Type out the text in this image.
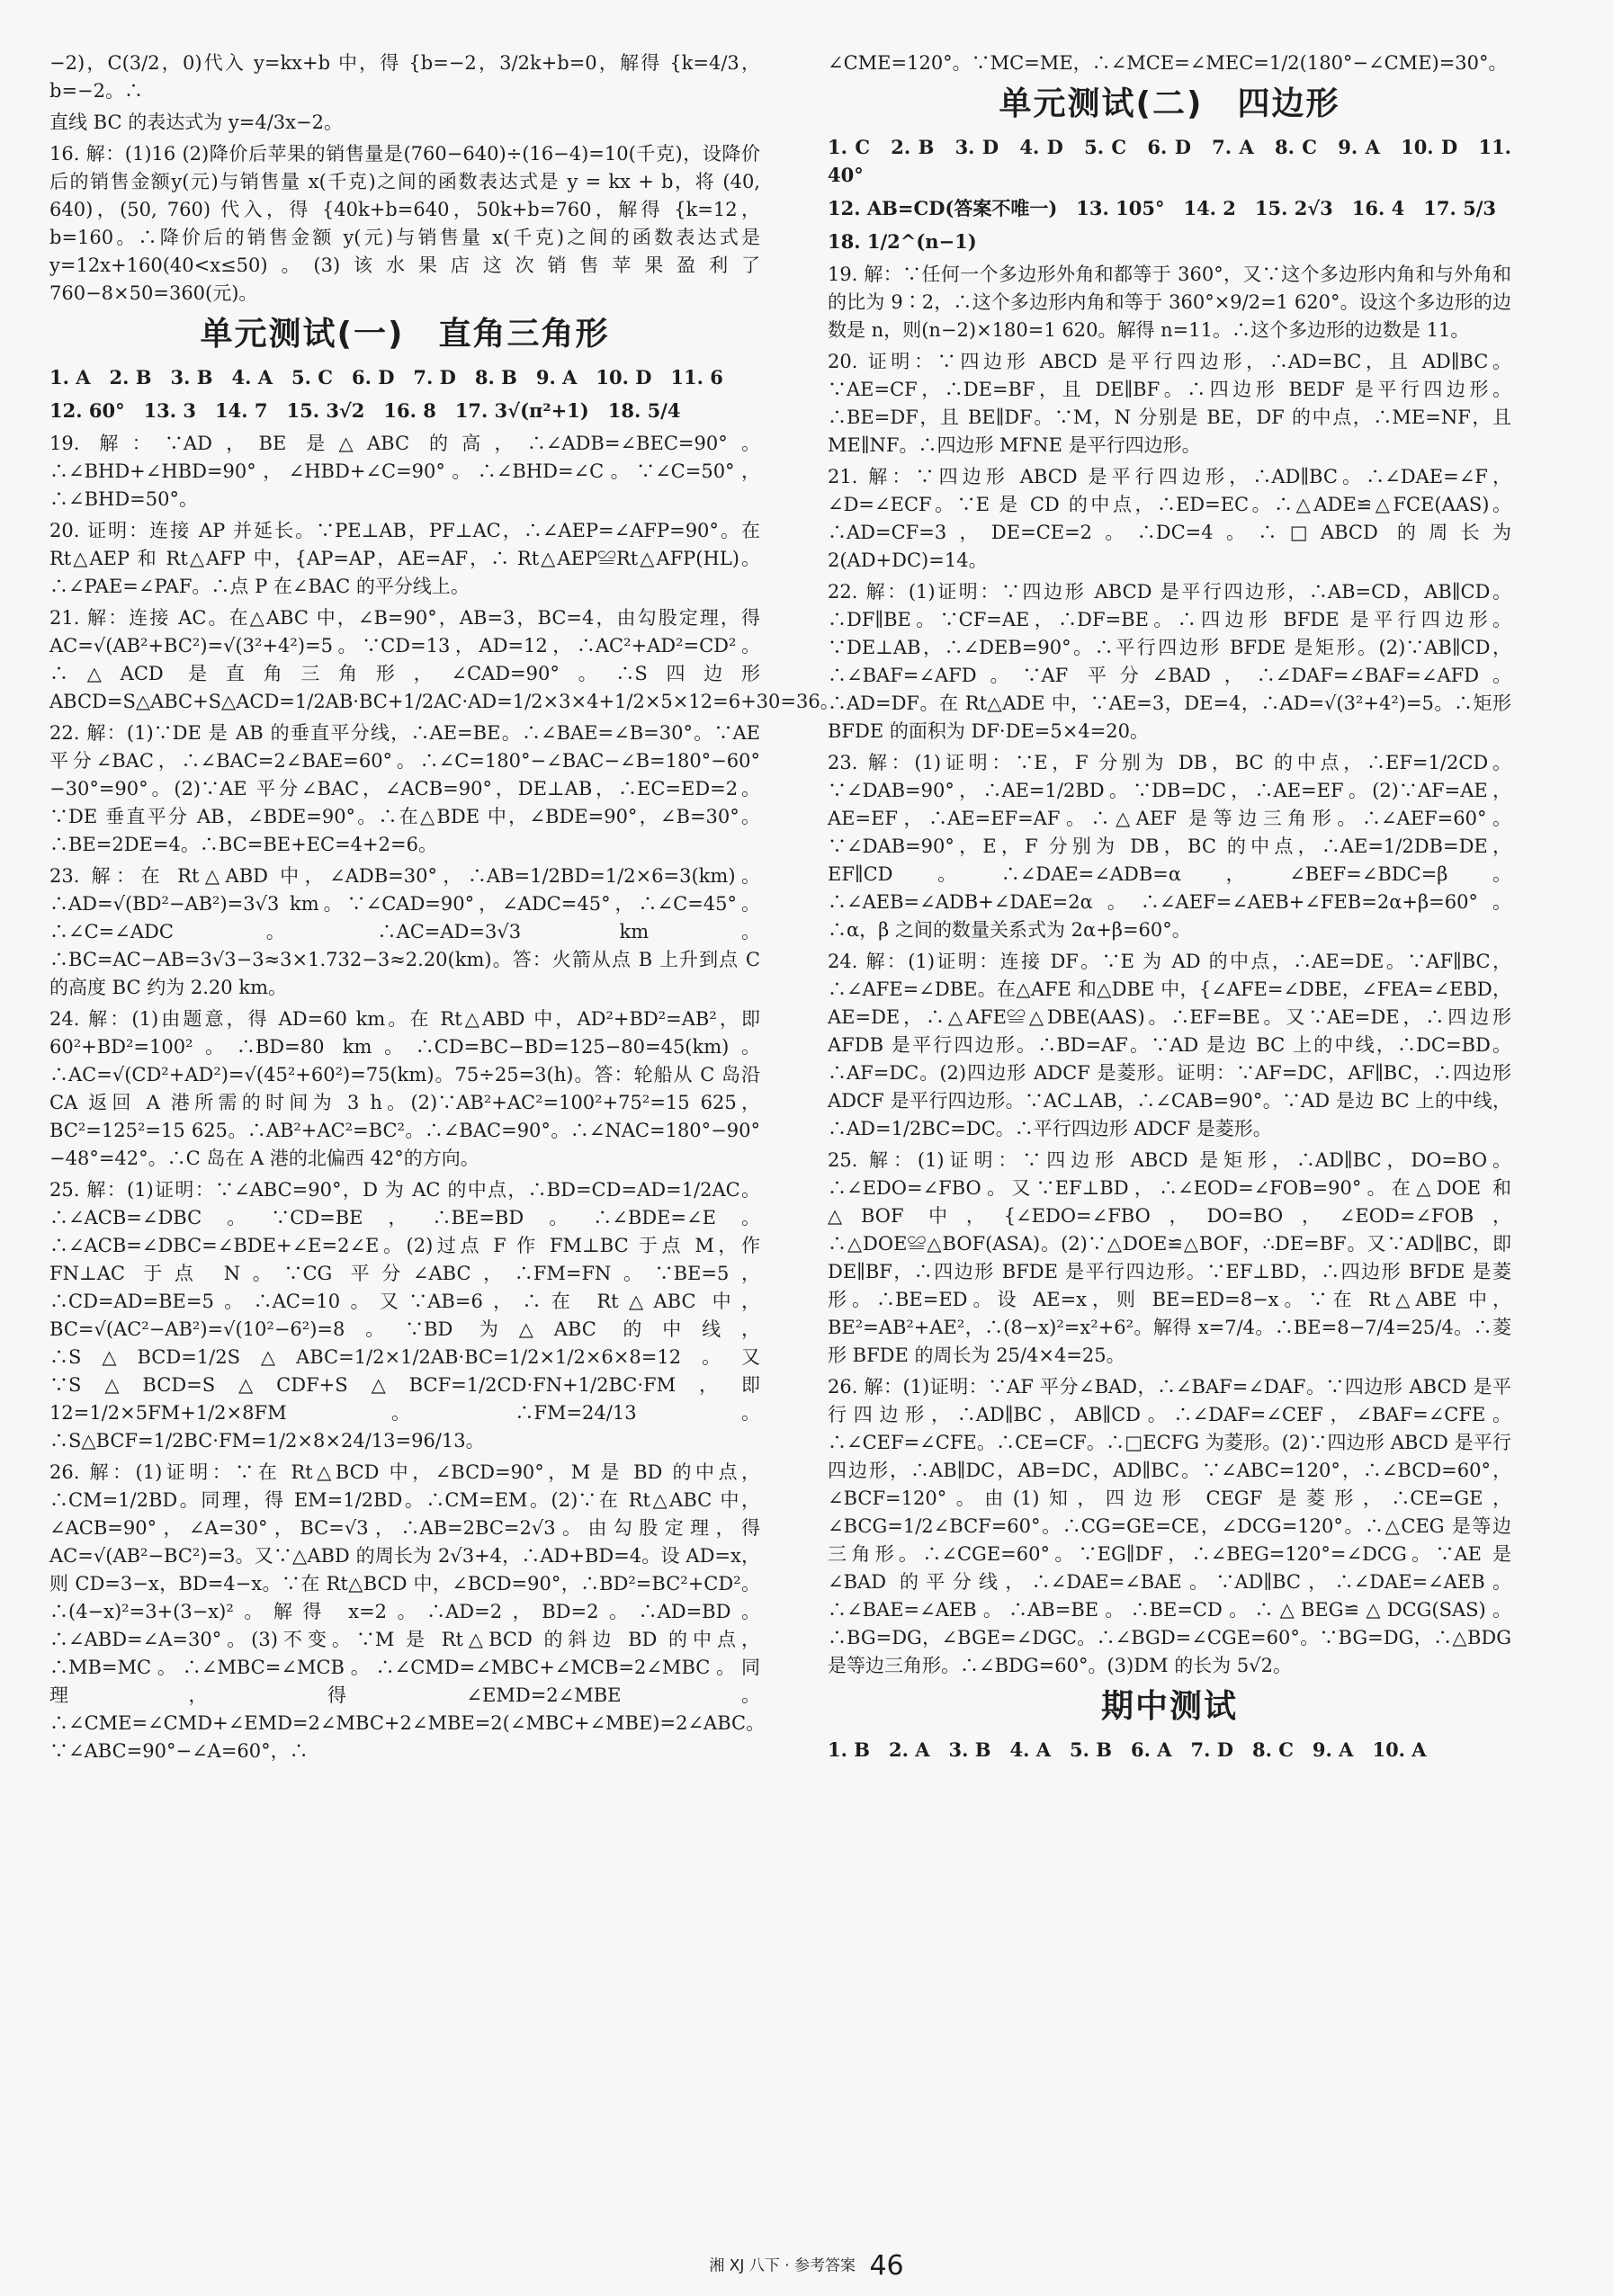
−2)，C(3/2，0)代入 y=kx+b 中，得 {b=−2，3/2k+b=0，解得 {k=4/3，b=−2。∴
直线 BC 的表达式为 y=4/3x−2。
16. 解：(1)16 (2)降价后苹果的销售量是(760−640)÷(16−4)=10(千克)，设降价后的销售金额y(元)与销售量 x(千克)之间的函数表达式是 y = kx + b，将 (40, 640)，(50, 760) 代入，得 {40k+b=640，50k+b=760，解得 {k=12，b=160。∴降价后的销售金额 y(元)与销售量 x(千克)之间的函数表达式是 y=12x+160(40<x≤50)。(3)该水果店这次销售苹果盈利了 760−8×50=360(元)。
单元测试(一)　直角三角形
1. A　2. B　3. B　4. A　5. C　6. D　7. D　8. B　9. A　10. D　11. 6
12. 60°　13. 3　14. 7　15. 3√2　16. 8　17. 3√(π²+1)　18. 5/4
19. 解：∵AD，BE 是△ABC 的高，∴∠ADB=∠BEC=90°。∴∠BHD+∠HBD=90°，∠HBD+∠C=90°。∴∠BHD=∠C。∵∠C=50°，∴∠BHD=50°。
20. 证明：连接 AP 并延长。∵PE⊥AB，PF⊥AC，∴∠AEP=∠AFP=90°。在 Rt△AEP 和 Rt△AFP 中，{AP=AP，AE=AF，∴ Rt△AEP≌Rt△AFP(HL)。∴∠PAE=∠PAF。∴点 P 在∠BAC 的平分线上。
21. 解：连接 AC。在△ABC 中，∠B=90°，AB=3，BC=4，由勾股定理，得 AC=√(AB²+BC²)=√(3²+4²)=5。∵CD=13，AD=12，∴AC²+AD²=CD²。∴△ACD 是直角三角形，∠CAD=90°。∴S四边形ABCD=S△ABC+S△ACD=1/2AB·BC+1/2AC·AD=1/2×3×4+1/2×5×12=6+30=36。
22. 解：(1)∵DE 是 AB 的垂直平分线，∴AE=BE。∴∠BAE=∠B=30°。∵AE 平分∠BAC，∴∠BAC=2∠BAE=60°。∴∠C=180°−∠BAC−∠B=180°−60°−30°=90°。(2)∵AE 平分∠BAC，∠ACB=90°，DE⊥AB，∴EC=ED=2。∵DE 垂直平分 AB，∠BDE=90°。∴在△BDE 中，∠BDE=90°，∠B=30°。∴BE=2DE=4。∴BC=BE+EC=4+2=6。
23. 解：在 Rt△ABD 中，∠ADB=30°，∴AB=1/2BD=1/2×6=3(km)。∴AD=√(BD²−AB²)=3√3 km。∵∠CAD=90°，∠ADC=45°，∴∠C=45°。∴∠C=∠ADC。∴AC=AD=3√3 km。∴BC=AC−AB=3√3−3≈3×1.732−3≈2.20(km)。答：火箭从点 B 上升到点 C 的高度 BC 约为 2.20 km。
24. 解：(1)由题意，得 AD=60 km。在 Rt△ABD 中，AD²+BD²=AB²，即 60²+BD²=100²。∴BD=80 km。∴CD=BC−BD=125−80=45(km)。∴AC=√(CD²+AD²)=√(45²+60²)=75(km)。75÷25=3(h)。答：轮船从 C 岛沿 CA 返回 A 港所需的时间为 3 h。(2)∵AB²+AC²=100²+75²=15 625，BC²=125²=15 625。∴AB²+AC²=BC²。∴∠BAC=90°。∴∠NAC=180°−90°−48°=42°。∴C 岛在 A 港的北偏西 42°的方向。
25. 解：(1)证明：∵∠ABC=90°，D 为 AC 的中点，∴BD=CD=AD=1/2AC。∴∠ACB=∠DBC。∵CD=BE，∴BE=BD。∴∠BDE=∠E。∴∠ACB=∠DBC=∠BDE+∠E=2∠E。(2)过点 F 作 FM⊥BC 于点 M，作 FN⊥AC 于点 N。∵CG 平分∠ABC，∴FM=FN。∵BE=5，∴CD=AD=BE=5。∴AC=10。又∵AB=6，∴在 Rt△ABC 中，BC=√(AC²−AB²)=√(10²−6²)=8。∵BD 为△ABC 的中线，∴S△BCD=1/2S△ABC=1/2×1/2AB·BC=1/2×1/2×6×8=12。又∵S△BCD=S△CDF+S△BCF=1/2CD·FN+1/2BC·FM，即 12=1/2×5FM+1/2×8FM。∴FM=24/13。∴S△BCF=1/2BC·FM=1/2×8×24/13=96/13。
26. 解：(1)证明：∵在 Rt△BCD 中，∠BCD=90°，M 是 BD 的中点，∴CM=1/2BD。同理，得 EM=1/2BD。∴CM=EM。(2)∵在 Rt△ABC 中，∠ACB=90°，∠A=30°，BC=√3，∴AB=2BC=2√3。由勾股定理，得 AC=√(AB²−BC²)=3。又∵△ABD 的周长为 2√3+4，∴AD+BD=4。设 AD=x，则 CD=3−x，BD=4−x。∵在 Rt△BCD 中，∠BCD=90°，∴BD²=BC²+CD²。∴(4−x)²=3+(3−x)²。解得 x=2。∴AD=2，BD=2。∴AD=BD。∴∠ABD=∠A=30°。(3)不变。∵M 是 Rt△BCD 的斜边 BD 的中点，∴MB=MC。∴∠MBC=∠MCB。∴∠CMD=∠MBC+∠MCB=2∠MBC。同理，得∠EMD=2∠MBE。∴∠CME=∠CMD+∠EMD=2∠MBC+2∠MBE=2(∠MBC+∠MBE)=2∠ABC。∵∠ABC=90°−∠A=60°，∴
∠CME=120°。∵MC=ME，∴∠MCE=∠MEC=1/2(180°−∠CME)=30°。
单元测试(二)　四边形
1. C　2. B　3. D　4. D　5. C　6. D　7. A　8. C　9. A　10. D　11. 40°
12. AB=CD(答案不唯一)　13. 105°　14. 2　15. 2√3　16. 4　17. 5/3
18. 1/2^(n−1)
19. 解：∵任何一个多边形外角和都等于 360°，又∵这个多边形内角和与外角和的比为 9∶2，∴这个多边形内角和等于 360°×9/2=1 620°。设这个多边形的边数是 n，则(n−2)×180=1 620。解得 n=11。∴这个多边形的边数是 11。
20. 证明：∵四边形 ABCD 是平行四边形，∴AD=BC，且 AD∥BC。∵AE=CF，∴DE=BF，且 DE∥BF。∴四边形 BEDF 是平行四边形。∴BE=DF，且 BE∥DF。∵M，N 分别是 BE，DF 的中点，∴ME=NF，且 ME∥NF。∴四边形 MFNE 是平行四边形。
21. 解：∵四边形 ABCD 是平行四边形，∴AD∥BC。∴∠DAE=∠F，∠D=∠ECF。∵E 是 CD 的中点，∴ED=EC。∴△ADE≌△FCE(AAS)。∴AD=CF=3，DE=CE=2。∴DC=4。∴□ABCD 的周长为 2(AD+DC)=14。
22. 解：(1)证明：∵四边形 ABCD 是平行四边形，∴AB=CD，AB∥CD。∴DF∥BE。∵CF=AE，∴DF=BE。∴四边形 BFDE 是平行四边形。∵DE⊥AB，∴∠DEB=90°。∴平行四边形 BFDE 是矩形。(2)∵AB∥CD，∴∠BAF=∠AFD。∵AF 平分∠BAD，∴∠DAF=∠BAF=∠AFD。∴AD=DF。在 Rt△ADE 中，∵AE=3，DE=4，∴AD=√(3²+4²)=5。∴矩形 BFDE 的面积为 DF·DE=5×4=20。
23. 解：(1)证明：∵E，F 分别为 DB，BC 的中点，∴EF=1/2CD。∵∠DAB=90°，∴AE=1/2BD。∵DB=DC，∴AE=EF。(2)∵AF=AE，AE=EF，∴AE=EF=AF。∴△AEF 是等边三角形。∴∠AEF=60°。∵∠DAB=90°，E，F 分别为 DB，BC 的中点，∴AE=1/2DB=DE，EF∥CD。∴∠DAE=∠ADB=α，∠BEF=∠BDC=β。∴∠AEB=∠ADB+∠DAE=2α。∴∠AEF=∠AEB+∠FEB=2α+β=60°。∴α，β 之间的数量关系式为 2α+β=60°。
24. 解：(1)证明：连接 DF。∵E 为 AD 的中点，∴AE=DE。∵AF∥BC，∴∠AFE=∠DBE。在△AFE 和△DBE 中，{∠AFE=∠DBE，∠FEA=∠EBD，AE=DE，∴△AFE≌△DBE(AAS)。∴EF=BE。又∵AE=DE，∴四边形 AFDB 是平行四边形。∴BD=AF。∵AD 是边 BC 上的中线，∴DC=BD。∴AF=DC。(2)四边形 ADCF 是菱形。证明：∵AF=DC，AF∥BC，∴四边形 ADCF 是平行四边形。∵AC⊥AB，∴∠CAB=90°。∵AD 是边 BC 上的中线，∴AD=1/2BC=DC。∴平行四边形 ADCF 是菱形。
25. 解：(1)证明：∵四边形 ABCD 是矩形，∴AD∥BC，DO=BO。∴∠EDO=∠FBO。又∵EF⊥BD，∴∠EOD=∠FOB=90°。在△DOE 和△BOF 中，{∠EDO=∠FBO，DO=BO，∠EOD=∠FOB，∴△DOE≌△BOF(ASA)。(2)∵△DOE≌△BOF，∴DE=BF。又∵AD∥BC，即 DE∥BF，∴四边形 BFDE 是平行四边形。∵EF⊥BD，∴四边形 BFDE 是菱形。∴BE=ED。设 AE=x，则 BE=ED=8−x。∵在 Rt△ABE 中，BE²=AB²+AE²，∴(8−x)²=x²+6²。解得 x=7/4。∴BE=8−7/4=25/4。∴菱形 BFDE 的周长为 25/4×4=25。
26. 解：(1)证明：∵AF 平分∠BAD，∴∠BAF=∠DAF。∵四边形 ABCD 是平行四边形，∴AD∥BC，AB∥CD。∴∠DAF=∠CEF，∠BAF=∠CFE。∴∠CEF=∠CFE。∴CE=CF。∴□ECFG 为菱形。(2)∵四边形 ABCD 是平行四边形，∴AB∥DC，AB=DC，AD∥BC。∵∠ABC=120°，∴∠BCD=60°，∠BCF=120°。由(1)知，四边形 CEGF 是菱形，∴CE=GE，∠BCG=1/2∠BCF=60°。∴CG=GE=CE，∠DCG=120°。∴△CEG 是等边三角形。∴∠CGE=60°。∵EG∥DF，∴∠BEG=120°=∠DCG。∵AE 是∠BAD 的平分线，∴∠DAE=∠BAE。∵AD∥BC，∴∠DAE=∠AEB。∴∠BAE=∠AEB。∴AB=BE。∴BE=CD。∴△BEG≌△DCG(SAS)。∴BG=DG，∠BGE=∠DGC。∴∠BGD=∠CGE=60°。∵BG=DG，∴△BDG 是等边三角形。∴∠BDG=60°。(3)DM 的长为 5√2。
期中测试
1. B　2. A　3. B　4. A　5. B　6. A　7. D　8. C　9. A　10. A
湘 XJ 八下 · 参考答案 46
